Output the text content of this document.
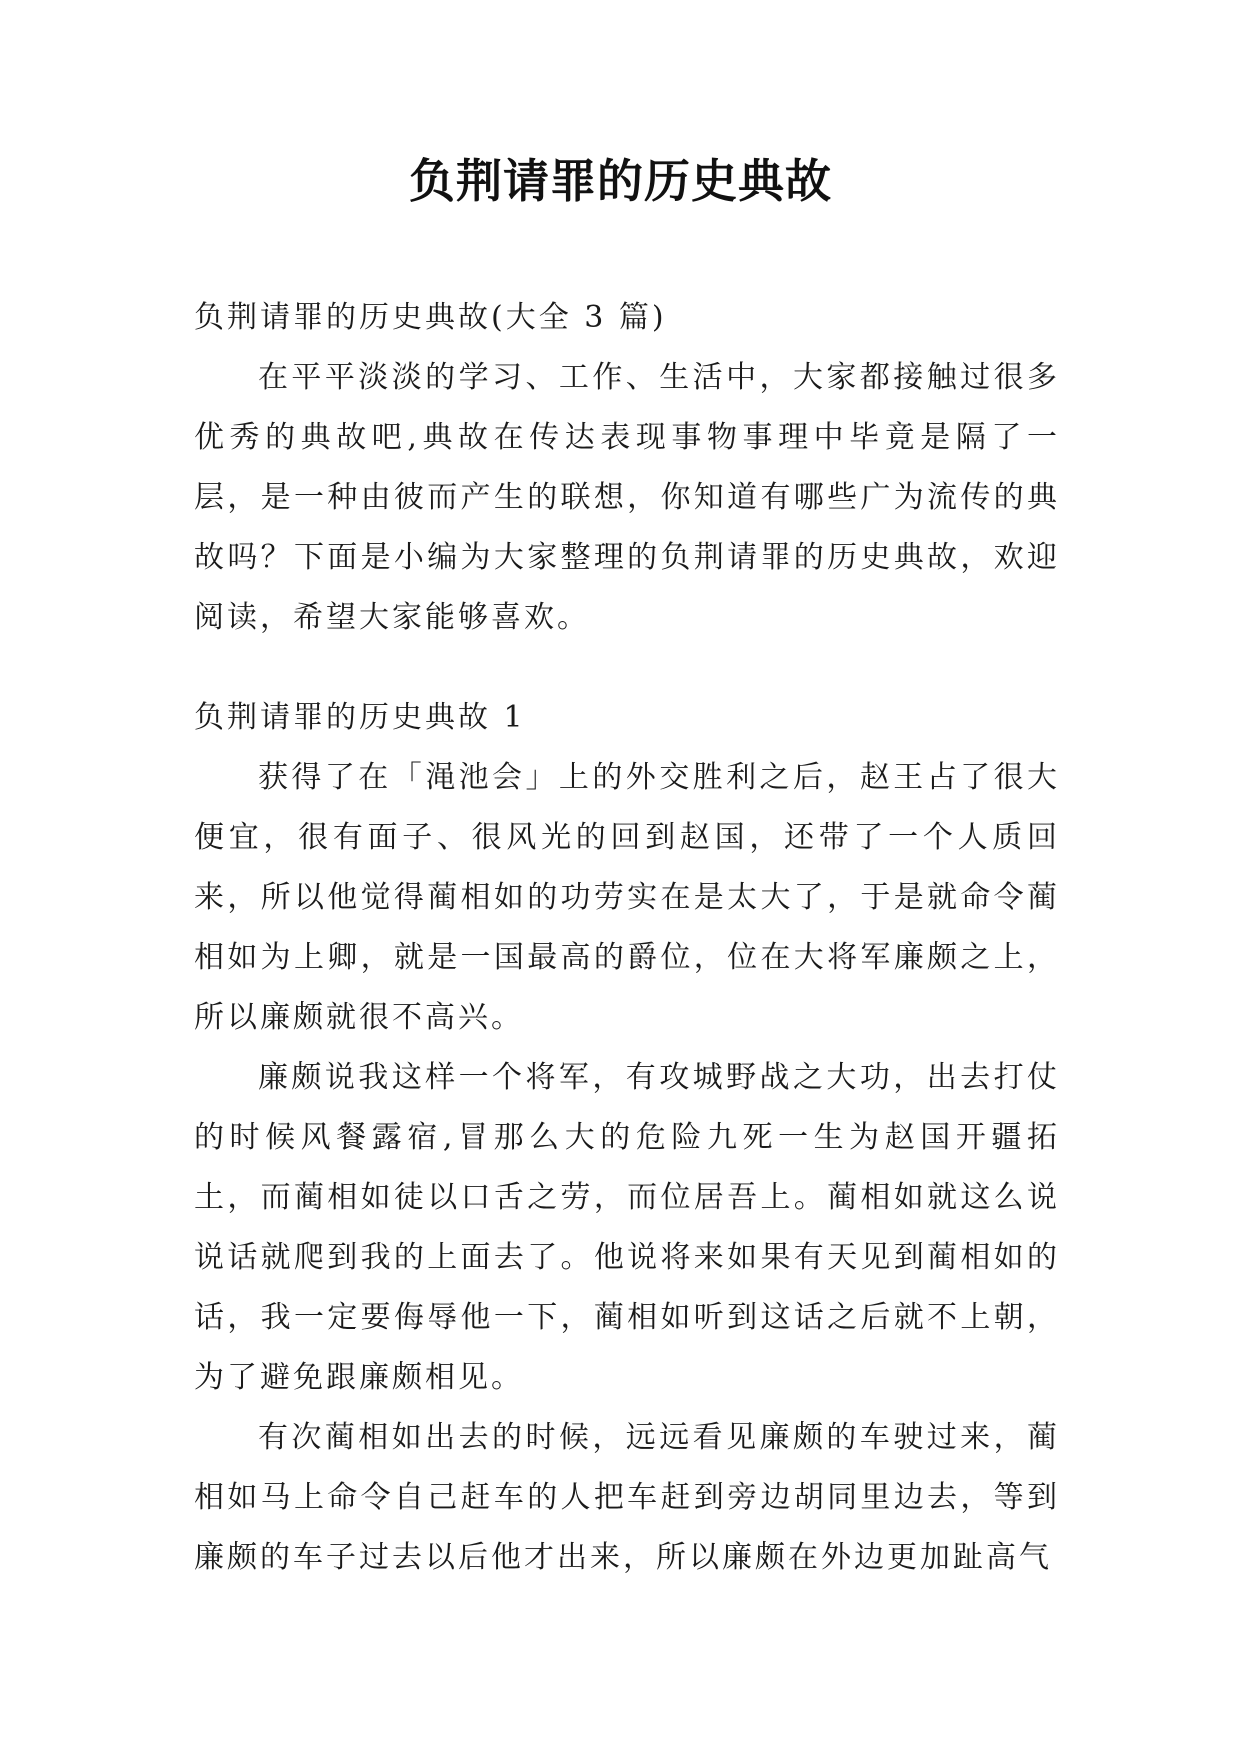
负荆请罪的历史典故
负荆请罪的历史典故(大全 3 篇)

在平平淡淡的学习、工作、生活中，大家都接触过很多优秀的典故吧,典故在传达表现事物事理中毕竟是隔了一层，是一种由彼而产生的联想，你知道有哪些广为流传的典故吗？下面是小编为大家整理的负荆请罪的历史典故，欢迎阅读，希望大家能够喜欢。

负荆请罪的历史典故 1

获得了在「渑池会」上的外交胜利之后，赵王占了很大便宜，很有面子、很风光的回到赵国，还带了一个人质回来，所以他觉得蔺相如的功劳实在是太大了，于是就命令蔺相如为上卿，就是一国最高的爵位，位在大将军廉颇之上，所以廉颇就很不高兴。

廉颇说我这样一个将军，有攻城野战之大功，出去打仗的时候风餐露宿,冒那么大的危险九死一生为赵国开疆拓土，而蔺相如徒以口舌之劳，而位居吾上。蔺相如就这么说说话就爬到我的上面去了。他说将来如果有天见到蔺相如的话，我一定要侮辱他一下，蔺相如听到这话之后就不上朝，为了避免跟廉颇相见。

有次蔺相如出去的时候，远远看见廉颇的车驶过来，蔺相如马上命令自己赶车的人把车赶到旁边胡同里边去，等到廉颇的车子过去以后他才出来，所以廉颇在外边更加趾高气
